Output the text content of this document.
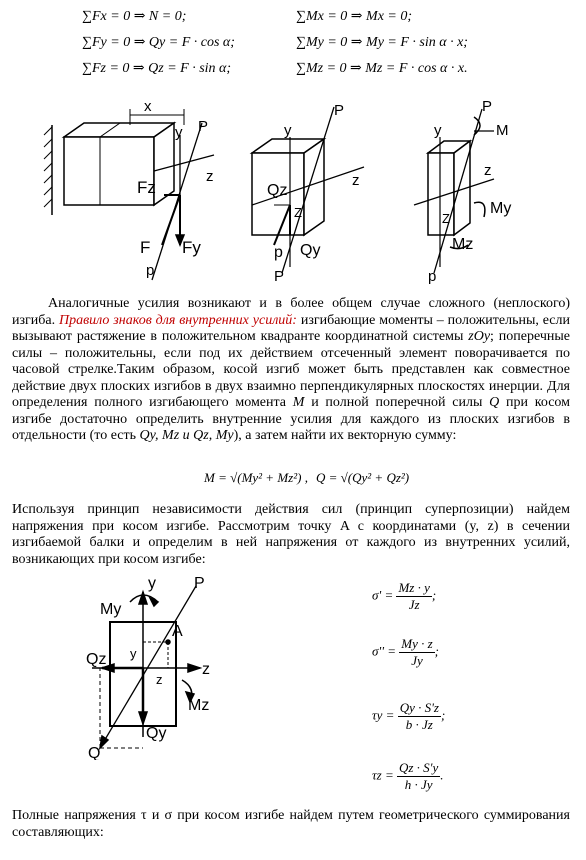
∑Fx = 0 ⇒ N = 0;
∑Fy = 0 ⇒ Qy = F · cos α;
∑Fz = 0 ⇒ Qz = F · sin α;
∑Mx = 0 ⇒ Mx = 0;
∑My = 0 ⇒ My = F · sin α · x;
∑Mz = 0 ⇒ Mz = F · cos α · x.
x
y P
Fz
z
F Fy
p
y
P
Qz
z
Z
Qy
p
P
y
P
M
z
My
Z
Mz
p
Аналогичные усилия возникают и в более общем случае сложного (неплоского) изгиба. Правило знаков для внутренних усилий: изгибающие моменты – положительны, если вызывают растяжение в положительном квадранте координатной системы zOy; поперечные силы – положительны, если под их действием отсеченный элемент поворачивается по часовой стрелке.Таким образом, косой изгиб может быть представлен как совместное действие двух плоских изгибов в двух взаимно перпендикулярных плоскостях инерции. Для определения полного изгибающего момента M и полной поперечной силы Q при косом изгибе достаточно определить внутренние усилия для каждого из плоских изгибов в отдельности (то есть Qy, Mz и Qz, My), а затем найти их векторную сумму:
M = √(My² + Mz²) , Q = √(Qy² + Qz²)
Используя принцип независимости действия сил (принцип суперпозиции) найдем напряжения при косом изгибе. Рассмотрим точку A с координатами (y, z) в сечении изгибаемой балки и определим в ней напряжения от каждого из внутренних усилий, возникающих при косом изгибе:
y P
My
A
Qz y
z
z
Mz
Qy
Q
$\sigma' = \frac{Mz \cdot y}{Jz}$ ;
$\sigma'' = \frac{My \cdot z}{Jy}$ ;
$\tau y = \frac{Qy \cdot S'z}{b \cdot Jz}$ ;
$\tau z = \frac{Qz \cdot S'y}{h \cdot Jy}$ .
Полные напряжения τ и σ при косом изгибе найдем путем геометрического суммирования составляющих:
